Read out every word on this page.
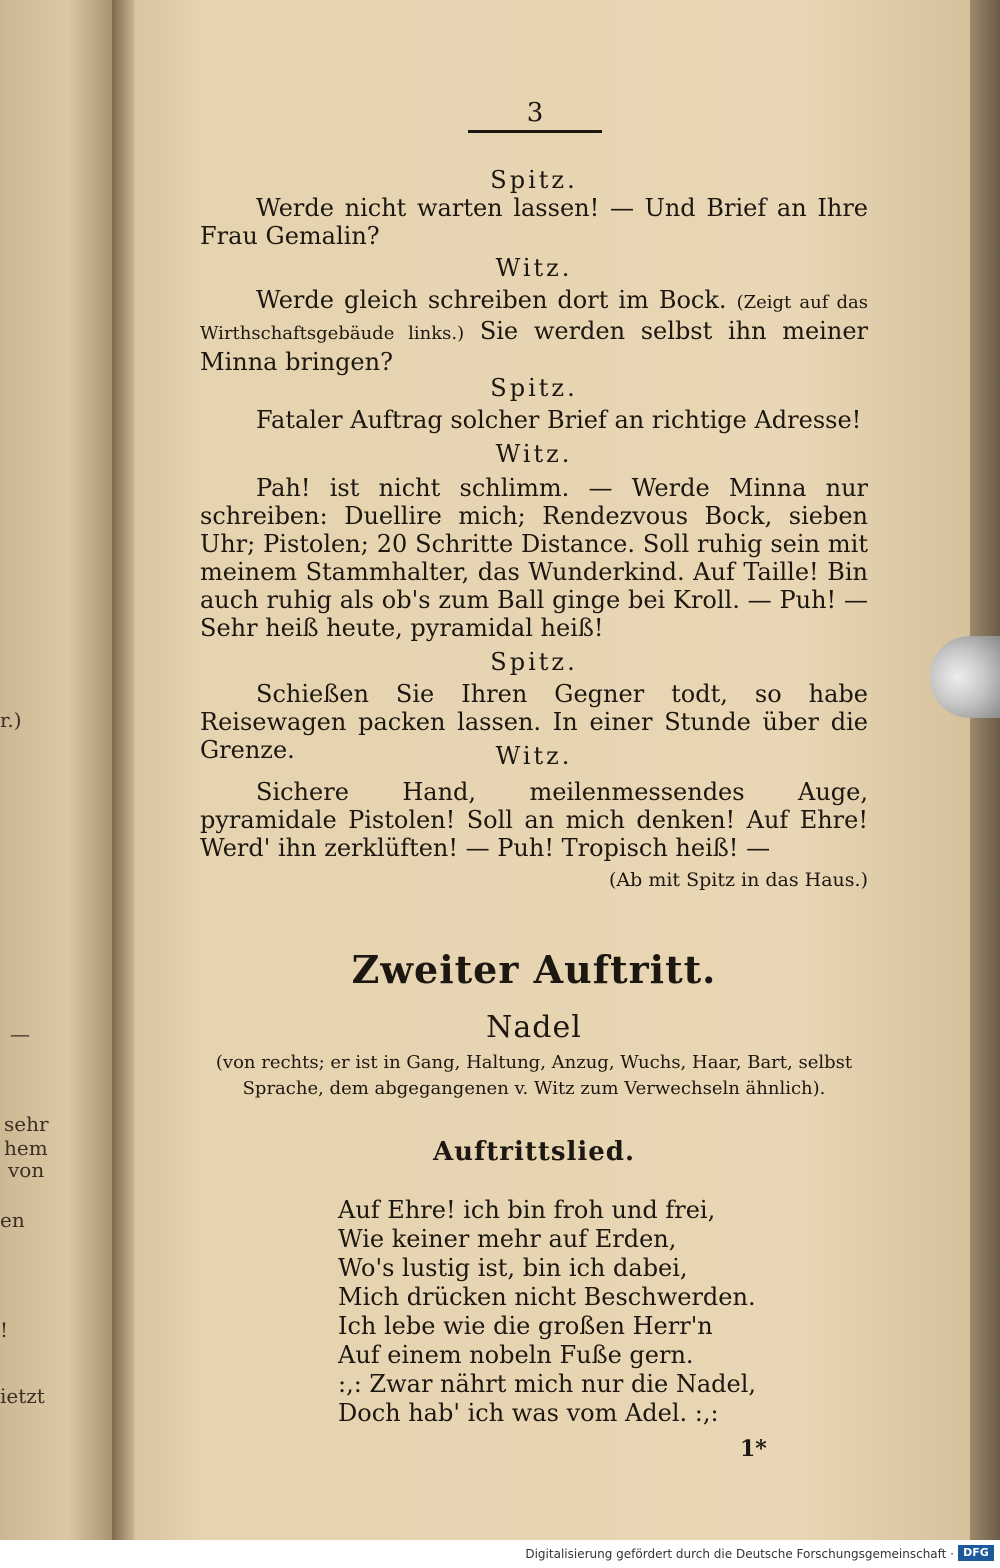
r.)
—
sehr
hem
von
en
!
ietzt
3
Spitz.
Werde nicht warten lassen! — Und Brief an Ihre Frau Gemalin?
Witz.
Werde gleich schreiben dort im Bock. (Zeigt auf das Wirthschaftsgebäude links.) Sie werden selbst ihn meiner Minna bringen?
Spitz.
Fataler Auftrag solcher Brief an richtige Adresse!
Witz.
Pah! ist nicht schlimm. — Werde Minna nur schreiben: Duellire mich; Rendezvous Bock, sieben Uhr; Pistolen; 20 Schritte Distance. Soll ruhig sein mit meinem Stammhalter, das Wunderkind. Auf Taille! Bin auch ruhig als ob's zum Ball ginge bei Kroll. — Puh! — Sehr heiß heute, pyramidal heiß!
Spitz.
Schießen Sie Ihren Gegner todt, so habe Reisewagen packen lassen. In einer Stunde über die Grenze.	Witz.
Sichere Hand, meilenmessendes Auge, pyramidale Pistolen! Soll an mich denken! Auf Ehre! Werd' ihn zerklüften! — Puh! Tropisch heiß! —
(Ab mit Spitz in das Haus.)
Zweiter Auftritt.
Nadel
(von rechts; er ist in Gang, Haltung, Anzug, Wuchs, Haar, Bart, selbst Sprache, dem abgegangenen v. Witz zum Verwechseln ähnlich).
Auftrittslied.
Auf Ehre! ich bin froh und frei,
Wie keiner mehr auf Erden,
Wo's lustig ist, bin ich dabei,
Mich drücken nicht Beschwerden.
Ich lebe wie die großen Herr'n
Auf einem nobeln Fuße gern.
:,: Zwar nährt mich nur die Nadel,
Doch hab' ich was vom Adel. :,:
1*
Digitalisierung gefördert durch die Deutsche Forschungsgemeinschaft · DFG
